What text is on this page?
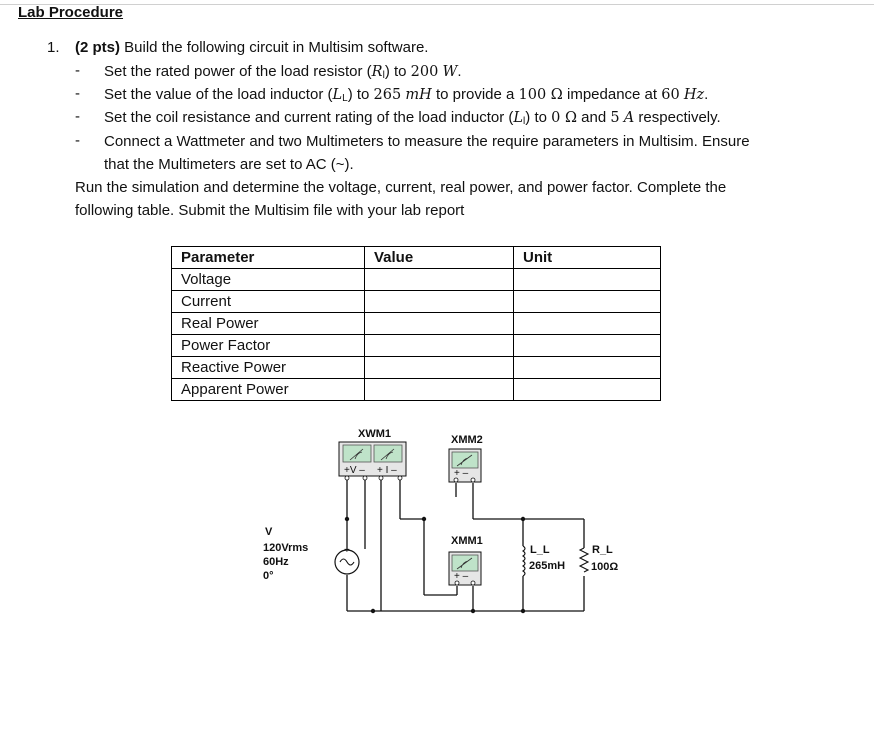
Lab Procedure
1. (2 pts) Build the following circuit in Multisim software.
- Set the rated power of the load resistor $(R_l)$ to 200 W.
- Set the value of the load inductor $(L_L)$ to 265 mH to provide a 100 Ω impedance at 60 Hz.
- Set the coil resistance and current rating of the load inductor $(L_l)$ to 0 Ω and 5 A respectively.
- Connect a Wattmeter and two Multimeters to measure the require parameters in Multisim. Ensure
that the Multimeters are set to AC (~).
Run the simulation and determine the voltage, current, real power, and power factor. Complete the
following table. Submit the Multisim file with your lab report
Parameter	Value	Unit
Voltage		
Current		
Real Power		
Power Factor		
Reactive Power		
Apparent Power		
XWM1
+V – + I –
XMM2
+ –
XMM1
+ –
+
V
120Vrms
60Hz
0°
L_L
265mH
R_L
100Ω
